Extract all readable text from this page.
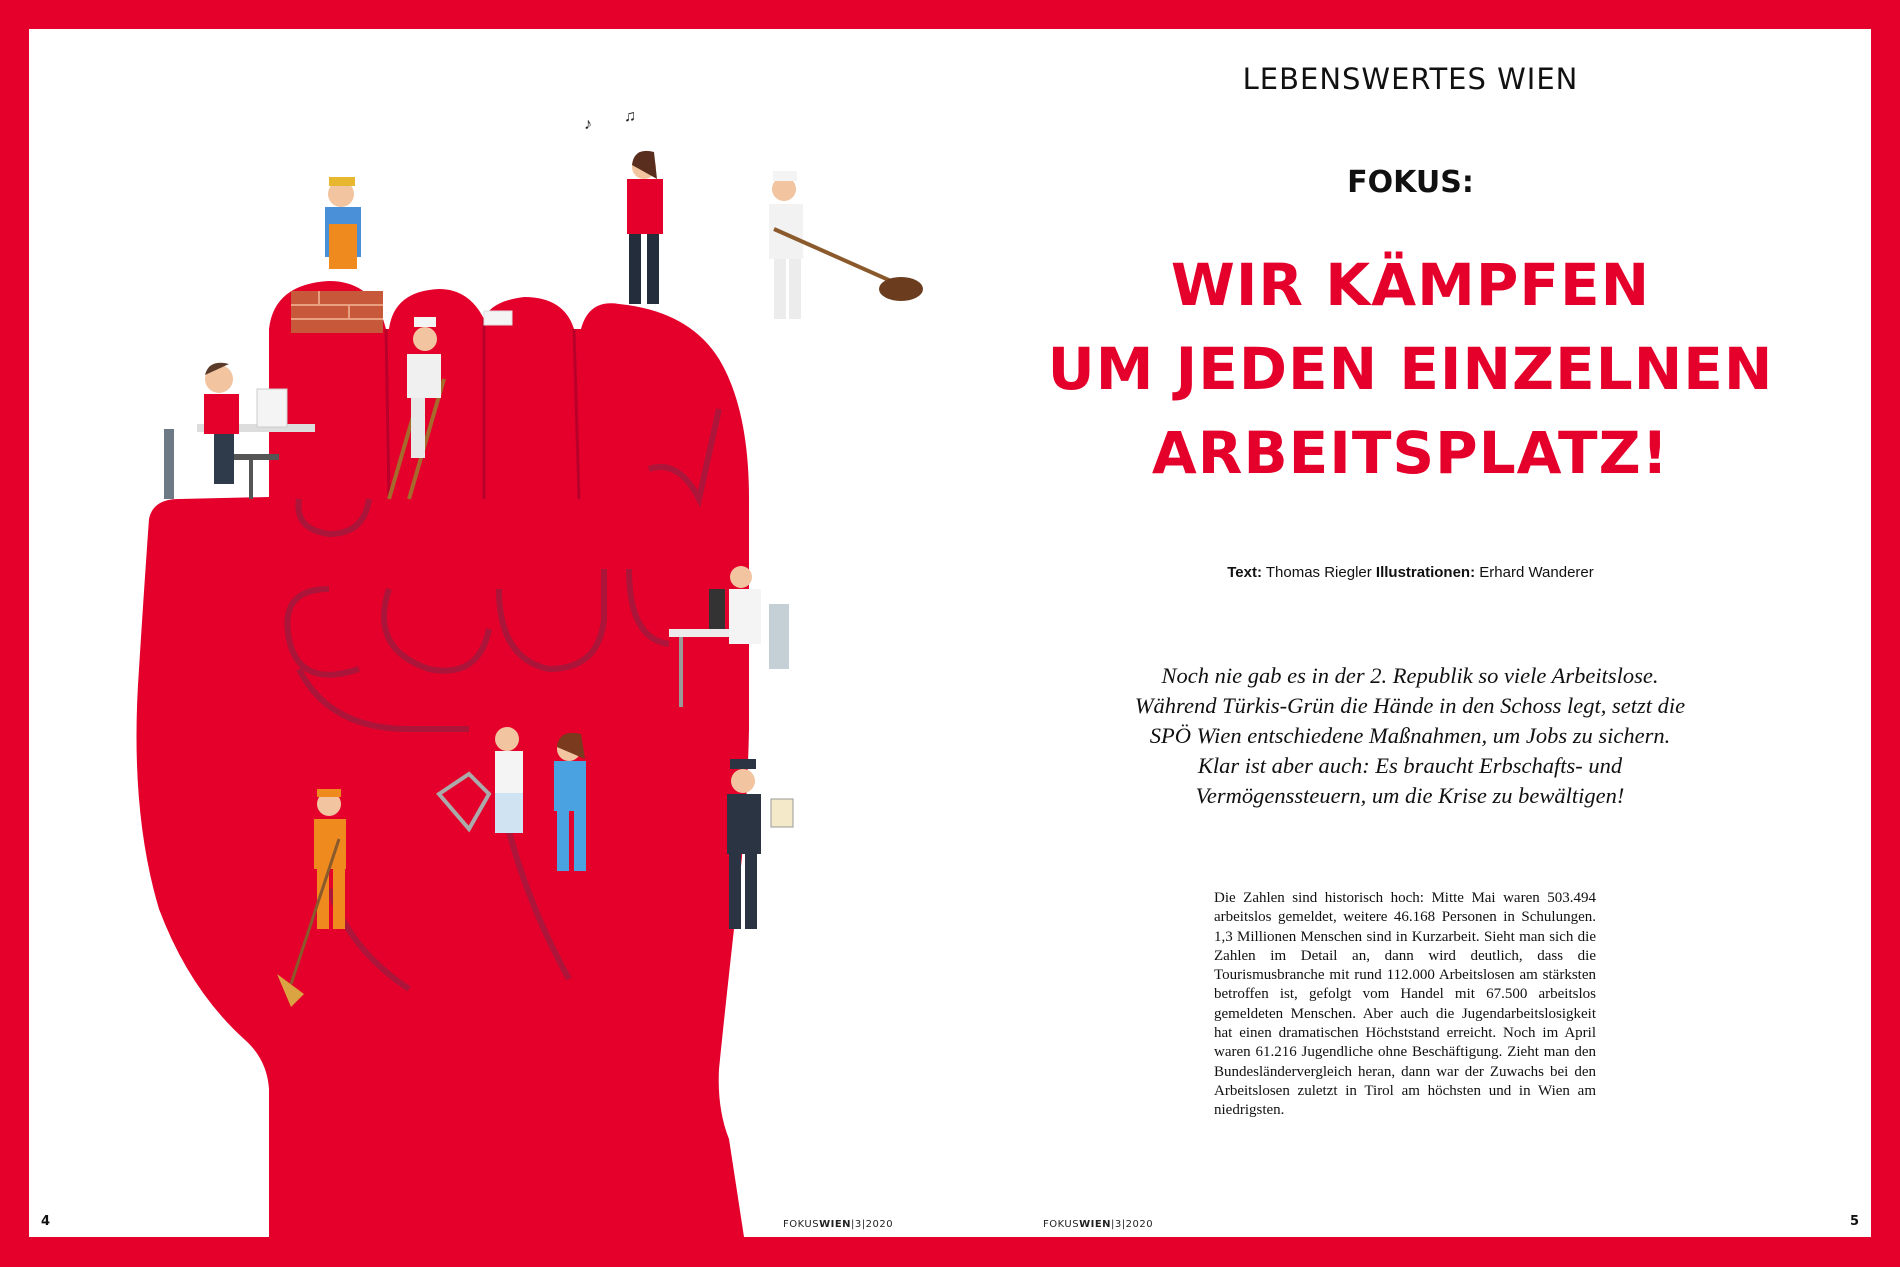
♪ ♫
4	FOKUSWIEN|3|2020
LEBENSWERTES WIEN
FOKUS:
WIR KÄMPFEN
UM JEDEN EINZELNEN
ARBEITSPLATZ!
Text: Thomas Riegler Illustrationen: Erhard Wanderer
Noch nie gab es in der 2. Republik so viele Arbeitslose. Während Türkis-Grün die Hände in den Schoss legt, setzt die SPÖ Wien entschiedene Maßnahmen, um Jobs zu sichern. Klar ist aber auch: Es braucht Erbschafts- und Vermögenssteuern, um die Krise zu bewältigen!
Die Zahlen sind historisch hoch: Mitte Mai waren 503.494 arbeitslos gemeldet, weitere 46.168 Personen in Schulungen. 1,3 Millionen Menschen sind in Kurzarbeit. Sieht man sich die Zahlen im Detail an, dann wird deutlich, dass die Tourismusbranche mit rund 112.000 Arbeitslosen am stärksten betroffen ist, gefolgt vom Handel mit 67.500 arbeitslos gemeldeten Menschen. Aber auch die Jugendarbeitslosigkeit hat einen dramatischen Höchststand erreicht. Noch im April waren 61.216 Jugendliche ohne Beschäftigung. Zieht man den Bundesländervergleich heran, dann war der Zuwachs bei den Arbeitslosen zuletzt in Tirol am höchsten und in Wien am niedrigsten.
FOKUSWIEN|3|2020	5
